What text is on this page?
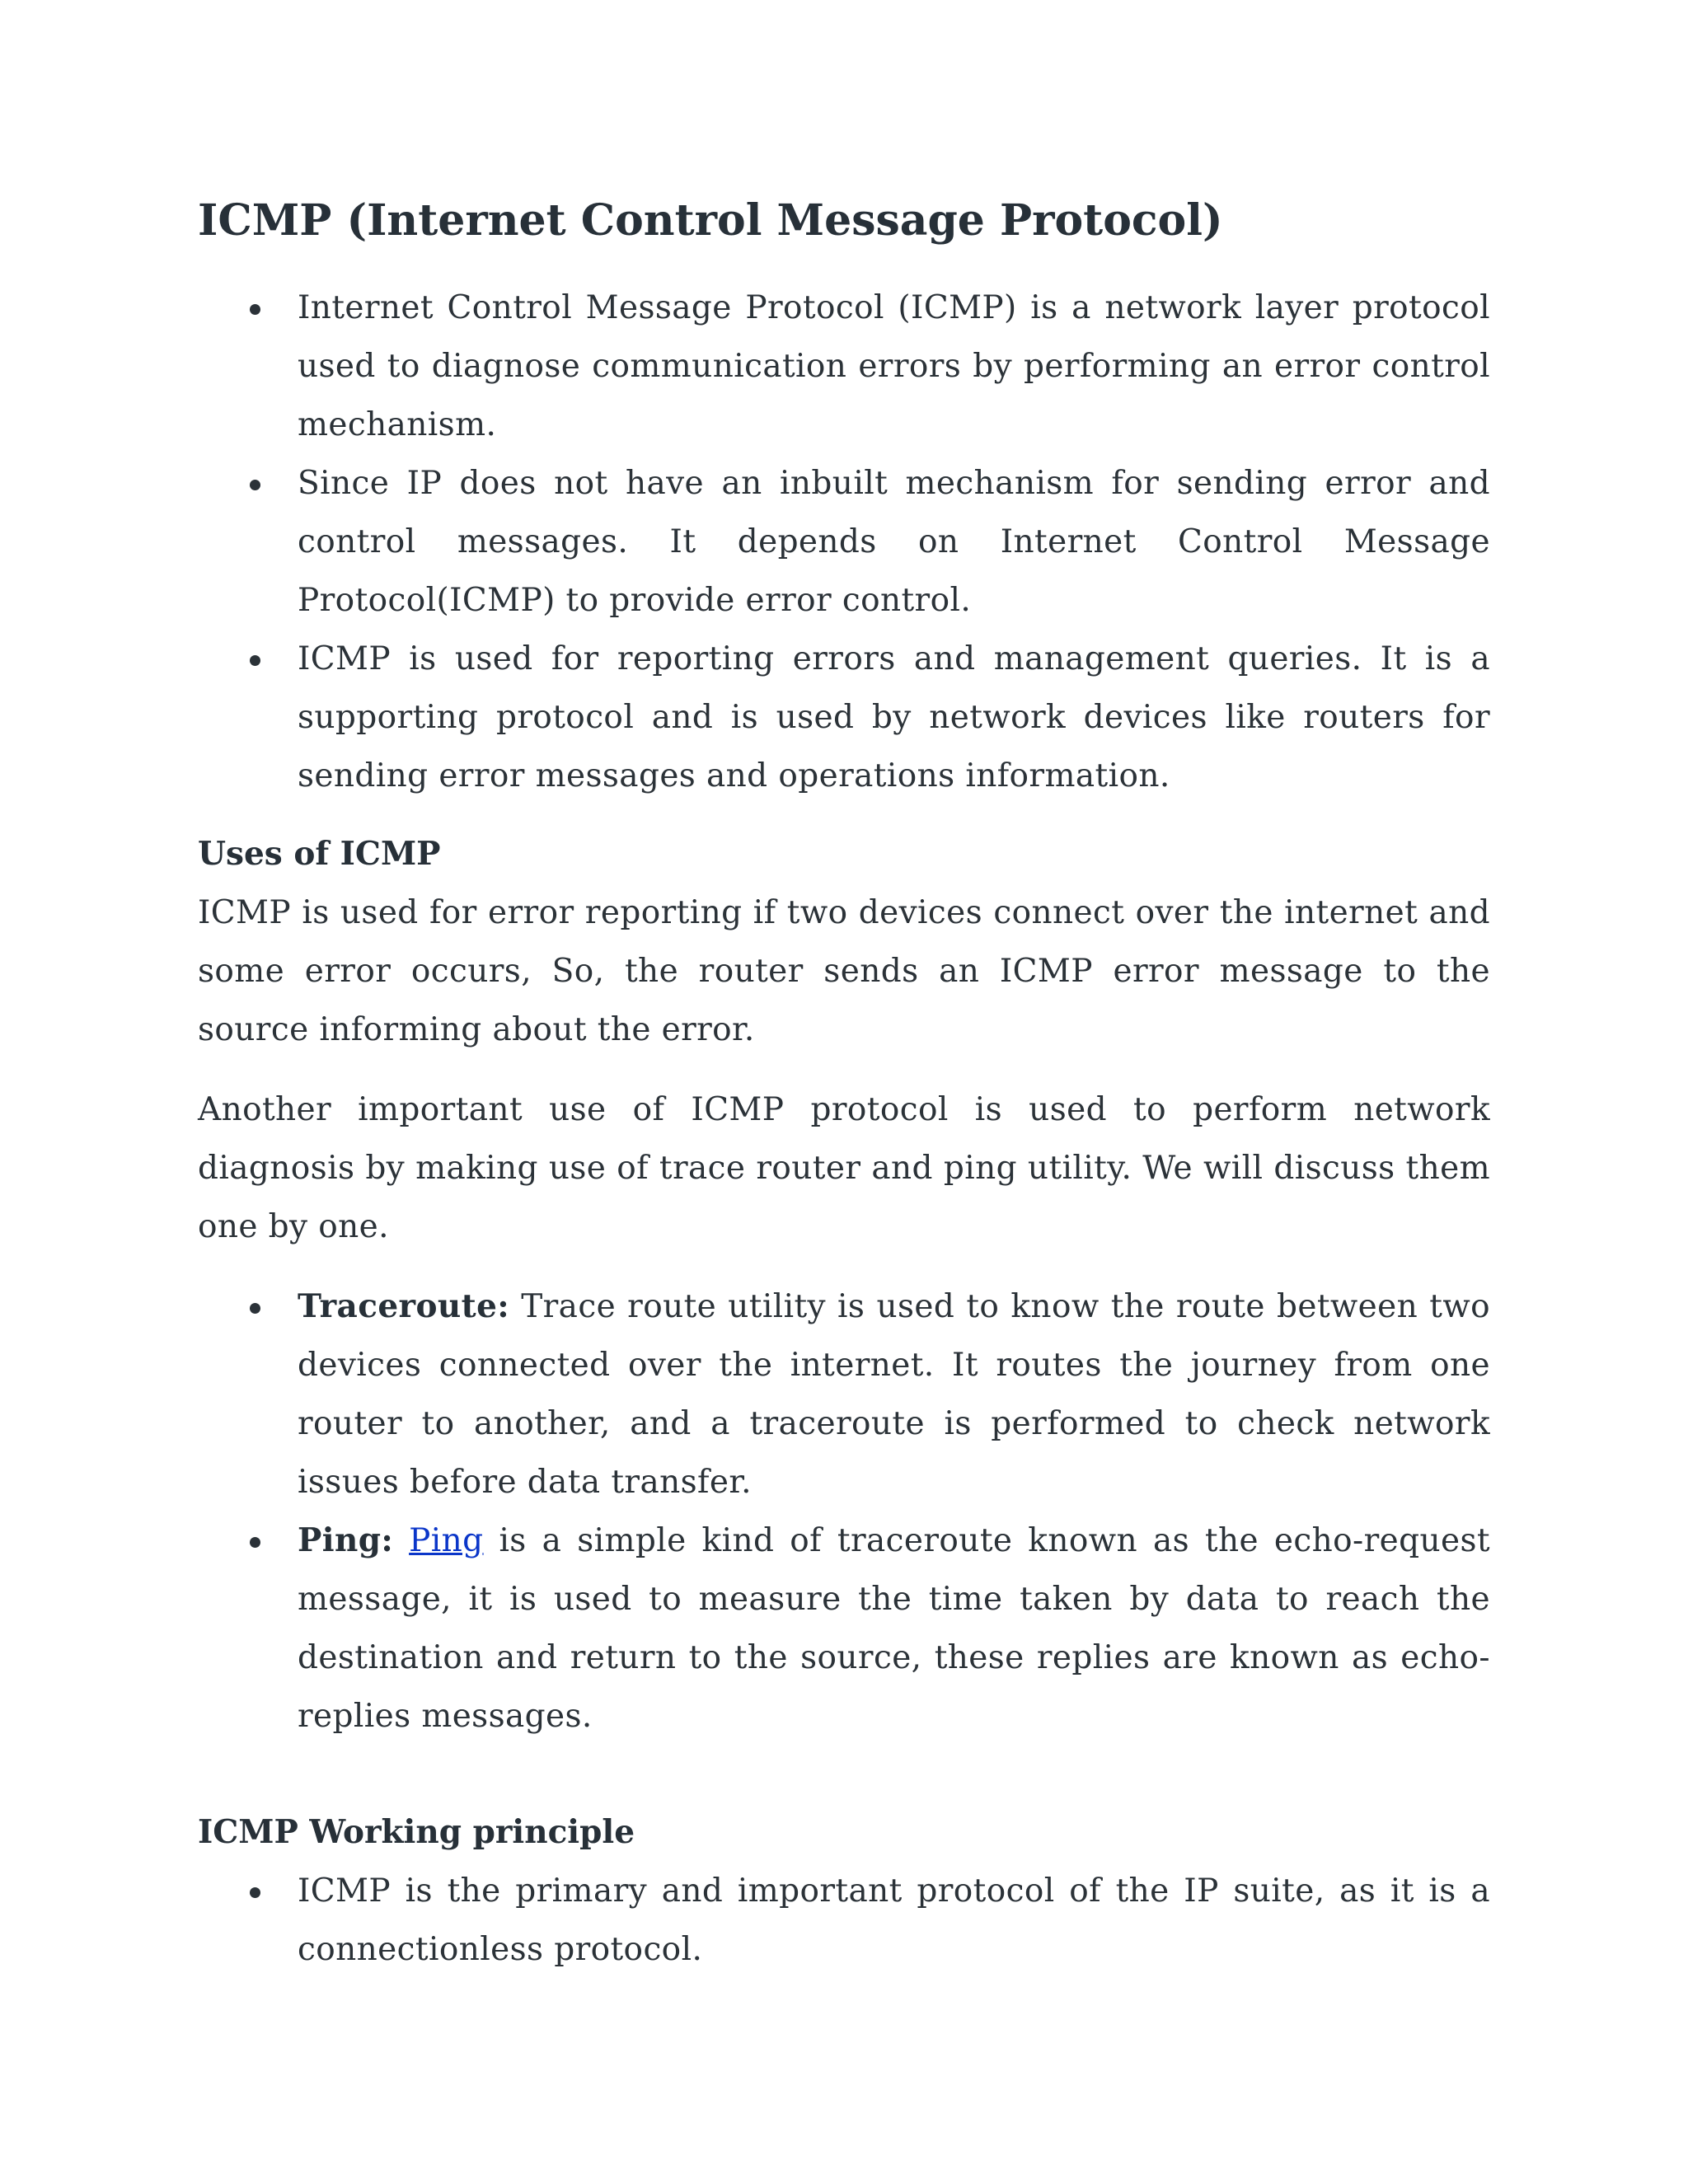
ICMP (Internet Control Message Protocol)
Internet Control Message Protocol (ICMP) is a network layer protocol used to diagnose communication errors by performing an error control mechanism.
Since IP does not have an inbuilt mechanism for sending error and control messages. It depends on Internet Control Message Protocol(ICMP) to provide error control.
ICMP is used for reporting errors and management queries. It is a supporting protocol and is used by network devices like routers for sending error messages and operations information.
Uses of ICMP

ICMP is used for error reporting if two devices connect over the internet and some error occurs, So, the router sends an ICMP error message to the source informing about the error.

Another important use of ICMP protocol is used to perform network diagnosis by making use of trace router and ping utility. We will discuss them one by one.

Traceroute: Trace route utility is used to know the route between two devices connected over the internet. It routes the journey from one router to another, and a traceroute is performed to check network issues before data transfer.
Ping: Ping is a simple kind of traceroute known as the echo-request message, it is used to measure the time taken by data to reach the destination and return to the source, these replies are known as echo-replies messages.
ICMP Working principle
ICMP is the primary and important protocol of the IP suite, as it is a connectionless protocol.
